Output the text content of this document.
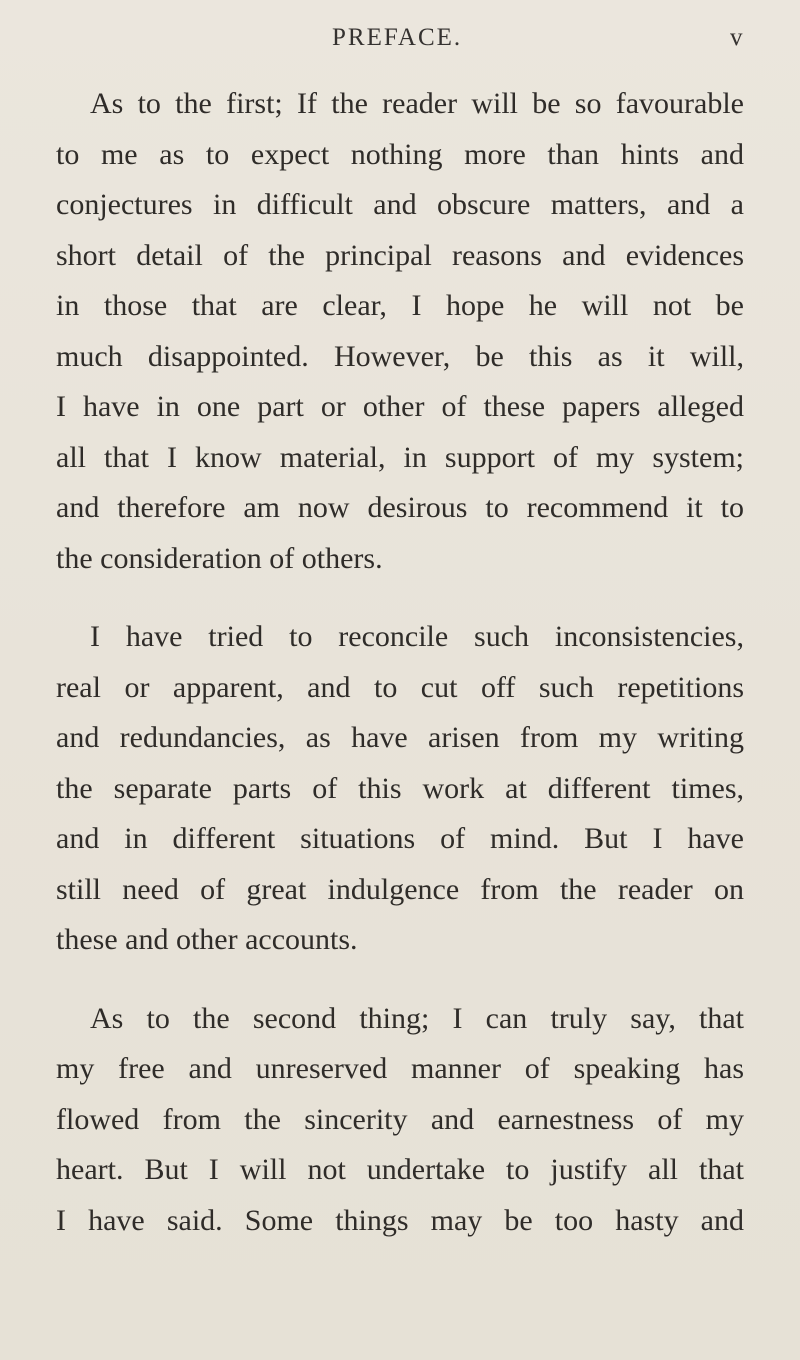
PREFACE.	v
As to the first; If the reader will be so favourable
to me as to expect nothing more than hints and
conjectures in difficult and obscure matters, and a
short detail of the principal reasons and evidences
in those that are clear, I hope he will not be
much disappointed. However, be this as it will,
I have in one part or other of these papers alleged
all that I know material, in support of my system;
and therefore am now desirous to recommend it to
the consideration of others.
I have tried to reconcile such inconsistencies,
real or apparent, and to cut off such repetitions
and redundancies, as have arisen from my writing
the separate parts of this work at different times,
and in different situations of mind. But I have
still need of great indulgence from the reader on
these and other accounts.
As to the second thing; I can truly say, that
my free and unreserved manner of speaking has
flowed from the sincerity and earnestness of my
heart. But I will not undertake to justify all that
I have said. Some things may be too hasty and
